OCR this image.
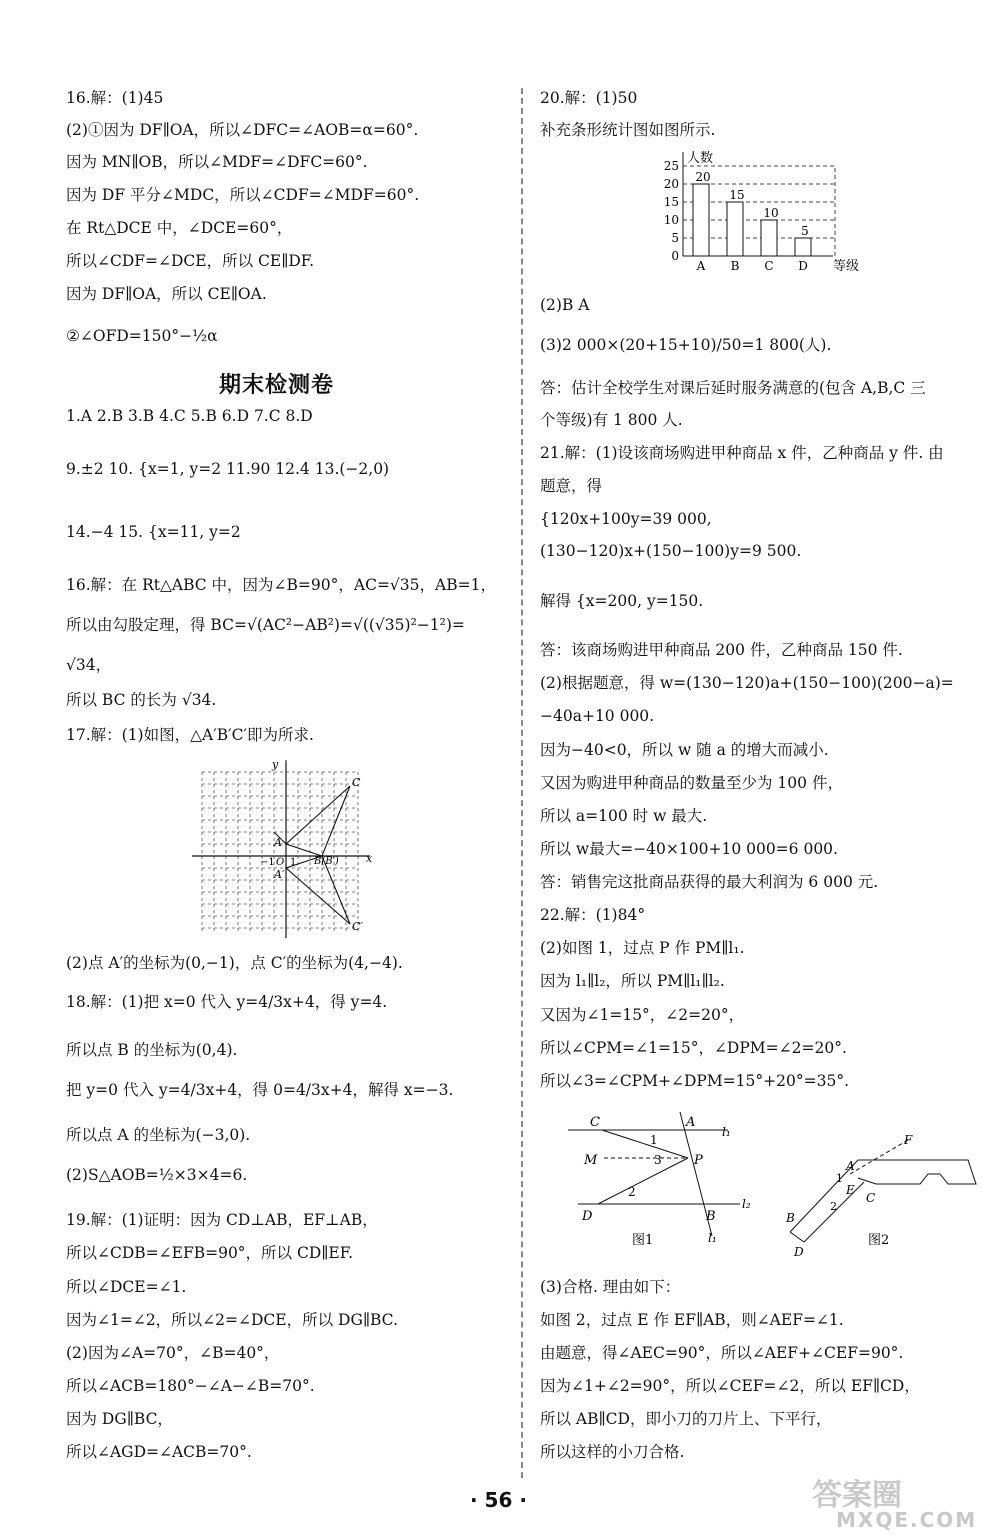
16.解：(1)45
(2)①因为 DF∥OA，所以∠DFC=∠AOB=α=60°.
因为 MN∥OB，所以∠MDF=∠DFC=60°.
因为 DF 平分∠MDC，所以∠CDF=∠MDF=60°.
在 Rt△DCE 中，∠DCE=60°，
所以∠CDF=∠DCE，所以 CE∥DF.
因为 DF∥OA，所以 CE∥OA.
②∠OFD=150°−½α
1.A 2.B 3.B 4.C 5.B 6.D 7.C 8.D
9.±2 10. {x=1, y=2 11.90 12.4 13.(−2,0)
14.−4 15. {x=11, y=2
16.解：在 Rt△ABC 中，因为∠B=90°，AC=√35，AB=1，
所以由勾股定理，得 BC=√(AC²−AB²)=√((√35)²−1²)=
√34，
所以 BC 的长为 √34.
17.解：(1)如图，△A′B′C′即为所求.
(2)点 A′的坐标为(0,−1)，点 C′的坐标为(4,−4).
18.解：(1)把 x=0 代入 y=4/3x+4，得 y=4.
所以点 B 的坐标为(0,4).
把 y=0 代入 y=4/3x+4，得 0=4/3x+4，解得 x=−3.
所以点 A 的坐标为(−3,0).
(2)S△AOB=½×3×4=6.
19.解：(1)证明：因为 CD⊥AB，EF⊥AB，
所以∠CDB=∠EFB=90°，所以 CD∥EF.
所以∠DCE=∠1.
因为∠1=∠2，所以∠2=∠DCE，所以 DG∥BC.
(2)因为∠A=70°，∠B=40°，
所以∠ACB=180°−∠A−∠B=70°.
因为 DG∥BC，
所以∠AGD=∠ACB=70°.
20.解：(1)50
补充条形统计图如图所示.
(2)B A
(3)2 000×(20+15+10)/50=1 800(人).
答：估计全校学生对课后延时服务满意的(包含 A,B,C 三
个等级)有 1 800 人.
21.解：(1)设该商场购进甲种商品 x 件，乙种商品 y 件. 由
题意，得
{120x+100y=39 000,
(130−120)x+(150−100)y=9 500.
解得 {x=200, y=150.
答：该商场购进甲种商品 200 件，乙种商品 150 件.
(2)根据题意，得 w=(130−120)a+(150−100)(200−a)=
−40a+10 000.
因为−40<0，所以 w 随 a 的增大而减小.
又因为购进甲种商品的数量至少为 100 件，
所以 a=100 时 w 最大.
所以 w最大=−40×100+10 000=6 000.
答：销售完这批商品获得的最大利润为 6 000 元.
22.解：(1)84°
(2)如图 1，过点 P 作 PM∥l₁.
因为 l₁∥l₂，所以 PM∥l₁∥l₂.
又因为∠1=15°，∠2=20°，
所以∠CPM=∠1=15°，∠DPM=∠2=20°.
所以∠3=∠CPM+∠DPM=15°+20°=35°.
(3)合格. 理由如下：
如图 2，过点 E 作 EF∥AB，则∠AEF=∠1.
由题意，得∠AEC=90°，所以∠AEF+∠CEF=90°.
因为∠1+∠2=90°，所以∠CEF=∠2，所以 EF∥CD，
所以 AB∥CD，即小刀的刀片上、下平行，
所以这样的小刀合格.
期末检测卷
0
5
10
15
20
25
20
A
15
B
10
C
5
D
人数
等级
y
x
C
C′
A
A′
O
−1 1 B(B′)
C	A
l₁
M	P
1
3
2
D	B
l₂
l₁
图1
A
C
E
F
1
2
B
D
图2
· 56 ·	答案圈
MXQE.COM
